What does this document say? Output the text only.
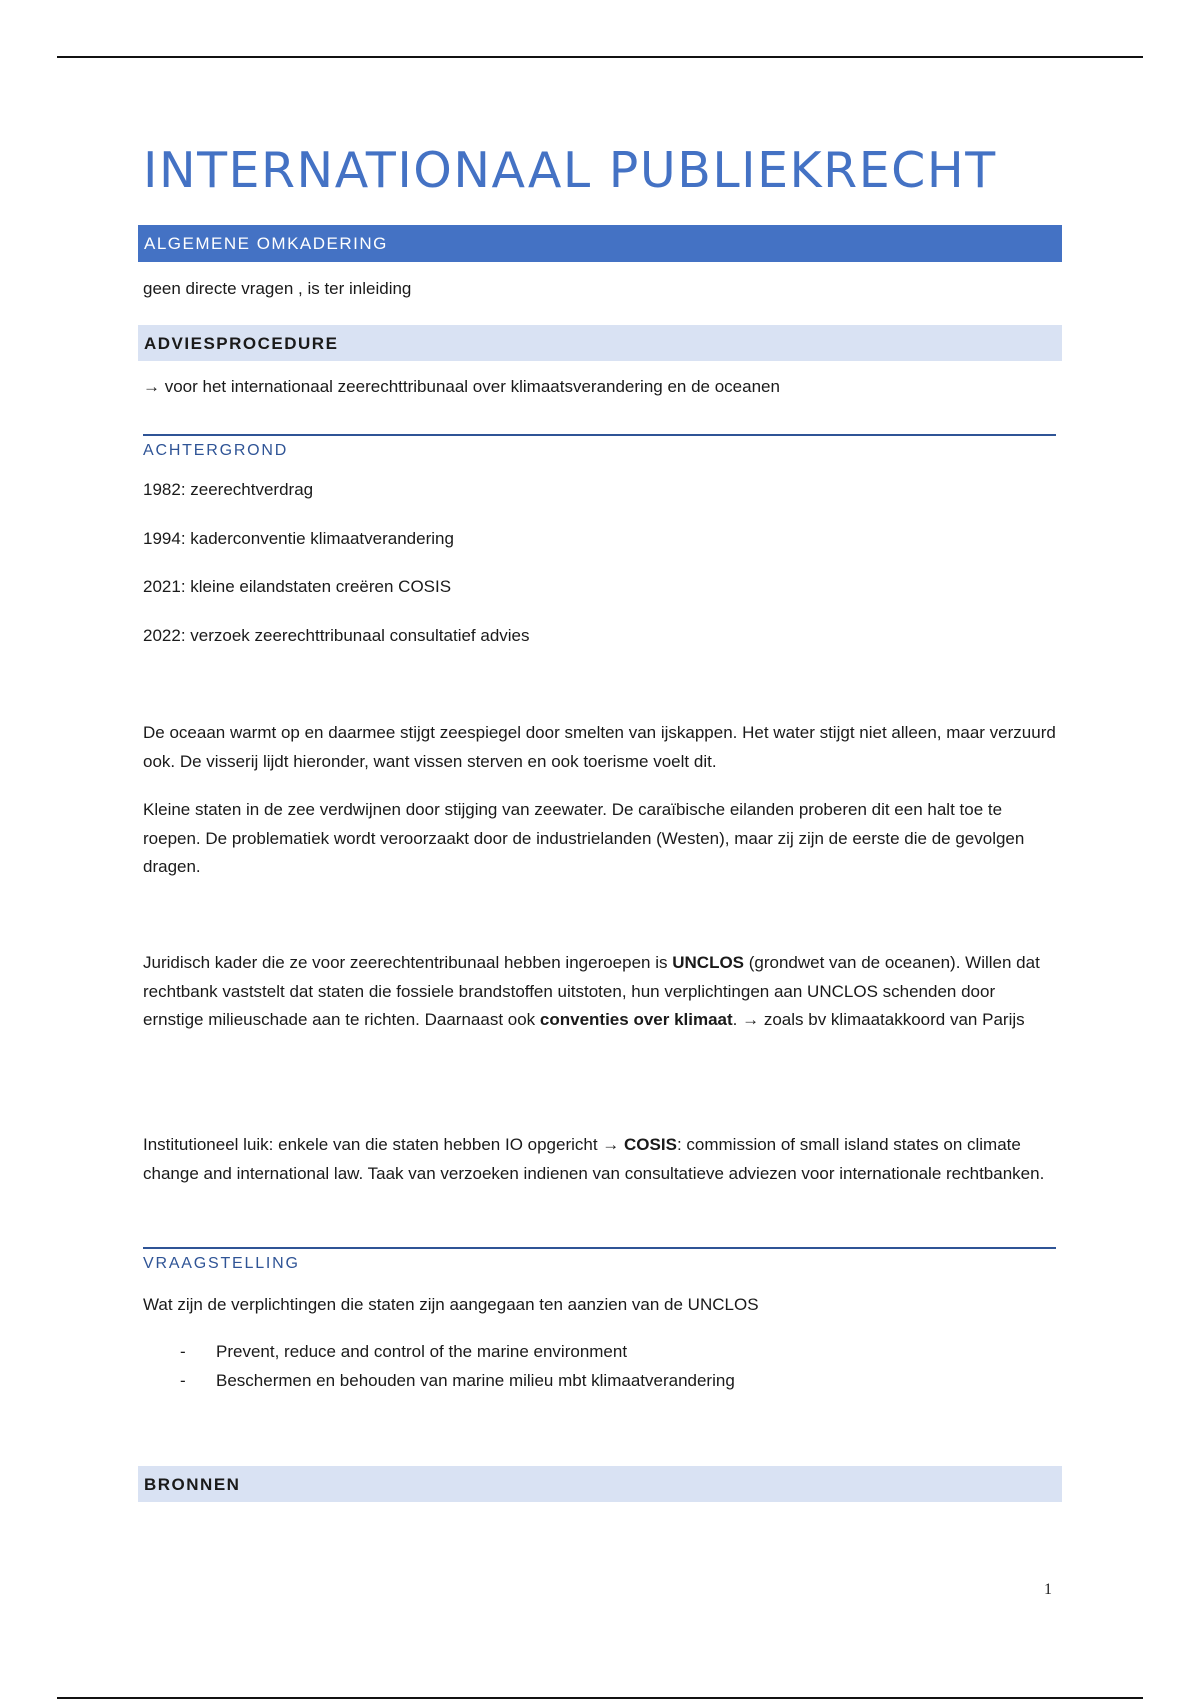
INTERNATIONAAL PUBLIEKRECHT
ALGEMENE OMKADERING

geen directe vragen , is ter inleiding

ADVIESPROCEDURE

→ voor het internationaal zeerechttribunaal over klimaatsverandering en de oceanen

ACHTERGROND

1982: zeerechtverdrag

1994: kaderconventie klimaatverandering

2021: kleine eilandstaten creëren COSIS

2022: verzoek zeerechttribunaal consultatief advies

De oceaan warmt op en daarmee stijgt zeespiegel door smelten van ijskappen. Het water stijgt niet alleen, maar verzuurd ook. De visserij lijdt hieronder, want vissen sterven en ook toerisme voelt dit.

Kleine staten in de zee verdwijnen door stijging van zeewater. De caraïbische eilanden proberen dit een halt toe te roepen. De problematiek wordt veroorzaakt door de industrielanden (Westen), maar zij zijn de eerste die de gevolgen dragen.

Juridisch kader die ze voor zeerechtentribunaal hebben ingeroepen is UNCLOS (grondwet van de oceanen). Willen dat rechtbank vaststelt dat staten die fossiele brandstoffen uitstoten, hun verplichtingen aan UNCLOS schenden door ernstige milieuschade aan te richten. Daarnaast ook conventies over klimaat. → zoals bv klimaatakkoord van Parijs

Institutioneel luik: enkele van die staten hebben IO opgericht → COSIS: commission of small island states on climate change and international law. Taak van verzoeken indienen van consultatieve adviezen voor internationale rechtbanken.

VRAAGSTELLING

Wat zijn de verplichtingen die staten zijn aangegaan ten aanzien van de UNCLOS

- Prevent, reduce and control of the marine environment
- Beschermen en behouden van marine milieu mbt klimaatverandering
BRONNEN
1
